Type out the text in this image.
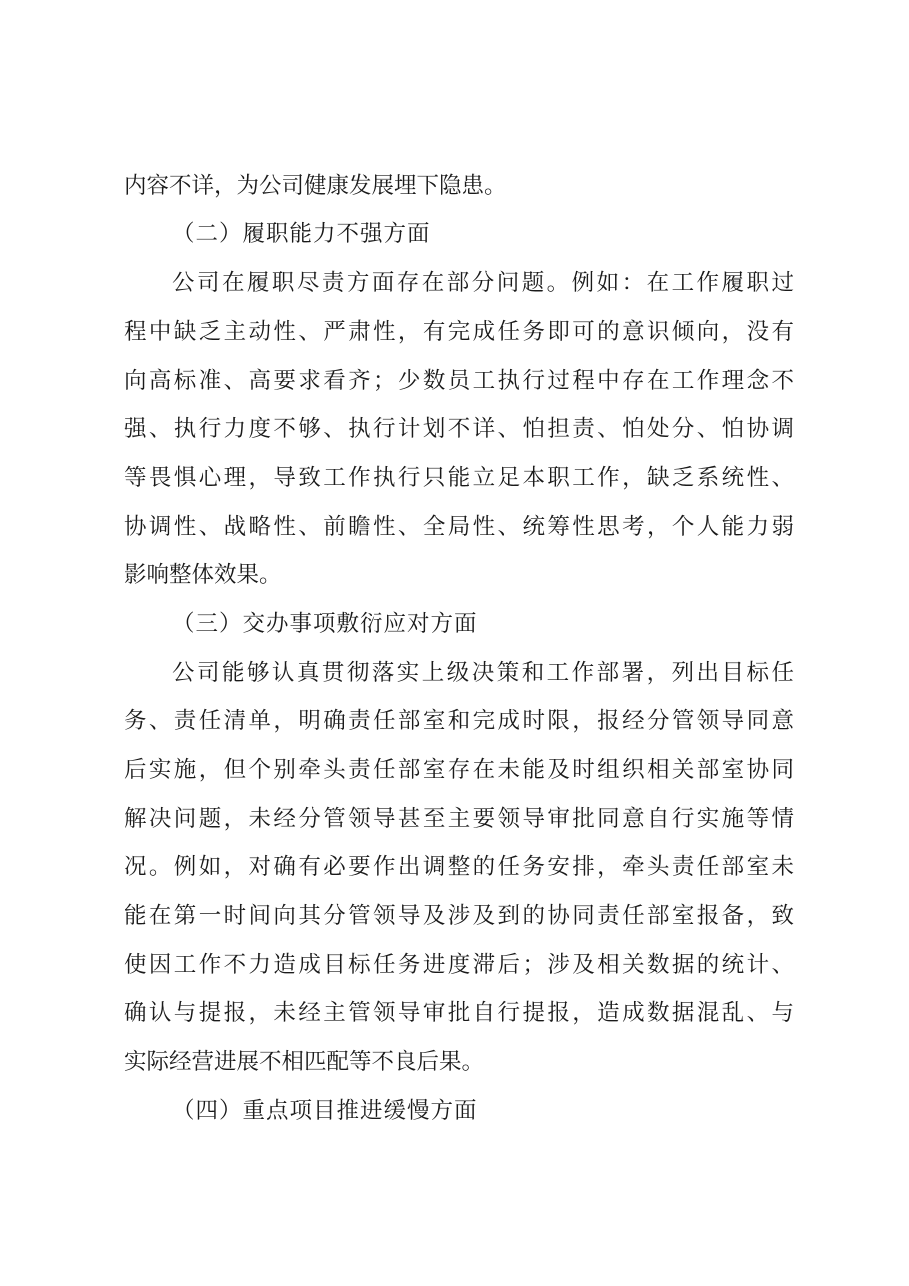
内容不详，为公司健康发展埋下隐患。
（二）履职能力不强方面
公司在履职尽责方面存在部分问题。例如：在工作履职过
程中缺乏主动性、严肃性，有完成任务即可的意识倾向，没有
向高标准、高要求看齐；少数员工执行过程中存在工作理念不
强、执行力度不够、执行计划不详、怕担责、怕处分、怕协调
等畏惧心理，导致工作执行只能立足本职工作，缺乏系统性、
协调性、战略性、前瞻性、全局性、统筹性思考，个人能力弱
影响整体效果。
（三）交办事项敷衍应对方面
公司能够认真贯彻落实上级决策和工作部署，列出目标任
务、责任清单，明确责任部室和完成时限，报经分管领导同意
后实施，但个别牵头责任部室存在未能及时组织相关部室协同
解决问题，未经分管领导甚至主要领导审批同意自行实施等情
况。例如，对确有必要作出调整的任务安排，牵头责任部室未
能在第一时间向其分管领导及涉及到的协同责任部室报备，致
使因工作不力造成目标任务进度滞后；涉及相关数据的统计、
确认与提报，未经主管领导审批自行提报，造成数据混乱、与
实际经营进展不相匹配等不良后果。
（四）重点项目推进缓慢方面
